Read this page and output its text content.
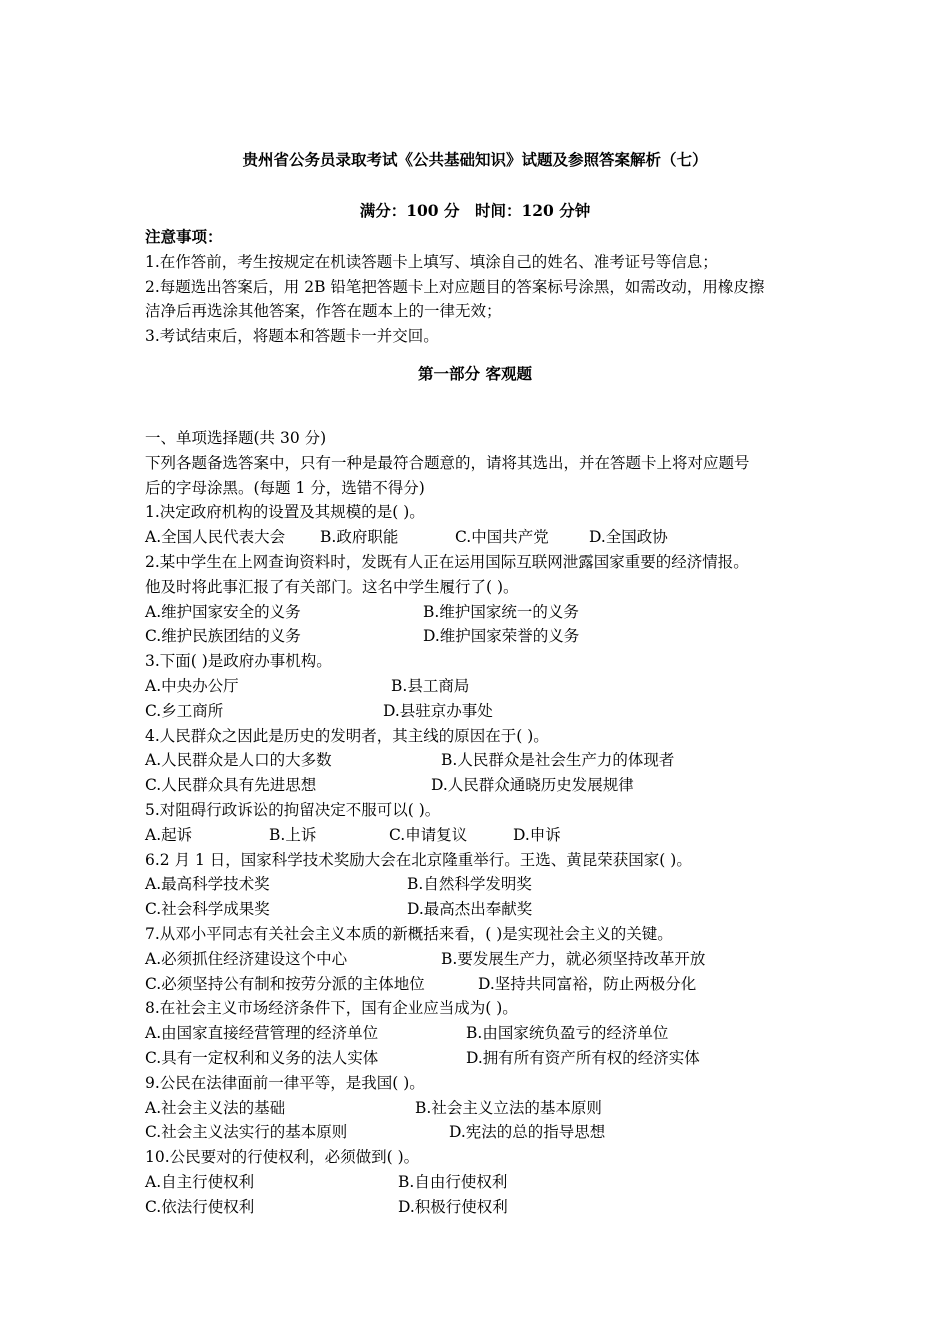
贵州省公务员录取考试《公共基础知识》试题及参照答案解析（七）
满分：100 分　时间：120 分钟
注意事项：
1.在作答前，考生按规定在机读答题卡上填写、填涂自己的姓名、准考证号等信息；
2.每题选出答案后，用 2B 铅笔把答题卡上对应题目的答案标号涂黑，如需改动，用橡皮擦
洁净后再选涂其他答案，作答在题本上的一律无效；
3.考试结束后，将题本和答题卡一并交回。
第一部分 客观题
一、单项选择题(共 30 分)
下列各题备选答案中，只有一种是最符合题意的，请将其选出，并在答题卡上将对应题号
后的字母涂黑。(每题 1 分，选错不得分)
1.决定政府机构的设置及其规模的是( )。
A.全国人民代表大会 B.政府职能	C.中国共产党	D.全国政协
2.某中学生在上网查询资料时，发既有人正在运用国际互联网泄露国家重要的经济情报。
他及时将此事汇报了有关部门。这名中学生履行了( )。
A.维护国家安全的义务	B.维护国家统一的义务
C.维护民族团结的义务	D.维护国家荣誉的义务
3.下面( )是政府办事机构。
A.中央办公厅	B.县工商局
C.乡工商所	D.县驻京办事处
4.人民群众之因此是历史的发明者，其主线的原因在于( )。
A.人民群众是人口的大多数	B.人民群众是社会生产力的体现者
C.人民群众具有先进思想	D.人民群众通晓历史发展规律
5.对阻碍行政诉讼的拘留决定不服可以( )。
A.起诉	B.上诉	C.申请复议	D.申诉
6.2 月 1 日，国家科学技术奖励大会在北京隆重举行。王选、黄昆荣获国家( )。
A.最高科学技术奖	B.自然科学发明奖
C.社会科学成果奖	D.最高杰出奉献奖
7.从邓小平同志有关社会主义本质的新概括来看，( )是实现社会主义的关键。
A.必须抓住经济建设这个中心	B.要发展生产力，就必须坚持改革开放
C.必须坚持公有制和按劳分派的主体地位	D.坚持共同富裕，防止两极分化
8.在社会主义市场经济条件下，国有企业应当成为( )。
A.由国家直接经营管理的经济单位	B.由国家统负盈亏的经济单位
C.具有一定权利和义务的法人实体	D.拥有所有资产所有权的经济实体
9.公民在法律面前一律平等，是我国( )。
A.社会主义法的基础	B.社会主义立法的基本原则
C.社会主义法实行的基本原则	D.宪法的总的指导思想
10.公民要对的行使权利，必须做到( )。
A.自主行使权利	B.自由行使权利
C.依法行使权利	D.积极行使权利
